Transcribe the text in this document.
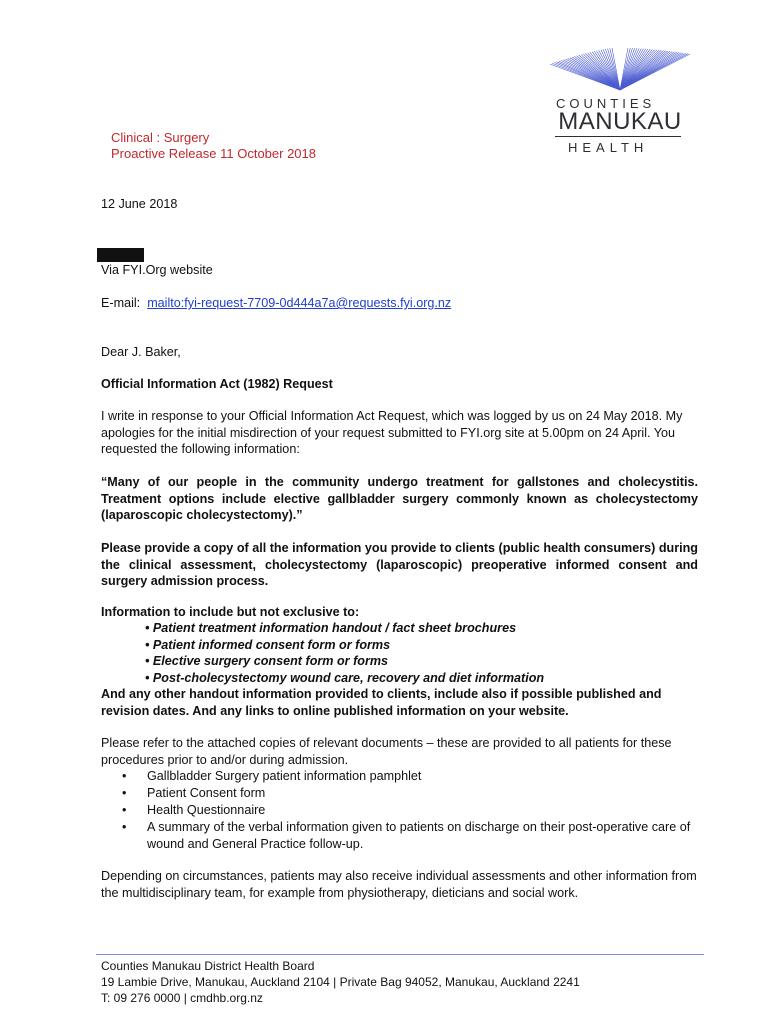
COUNTIES
MANUKAU
HEALTH
Clinical : Surgery
Proactive Release 11 October 2018
12 June 2018
Via FYI.Org website
E-mail: mailto:fyi-request-7709-0d444a7a@requests.fyi.org.nz
Dear J. Baker,
Official Information Act (1982) Request
I write in response to your Official Information Act Request, which was logged by us on 24 May 2018. My apologies for the initial misdirection of your request submitted to FYI.org site at 5.00pm on 24 April. You requested the following information:
“Many of our people in the community undergo treatment for gallstones and cholecystitis. Treatment options include elective gallbladder surgery commonly known as cholecystectomy (laparoscopic cholecystectomy).”
Please provide a copy of all the information you provide to clients (public health consumers) during the clinical assessment, cholecystectomy (laparoscopic) preoperative informed consent and surgery admission process.
Information to include but not exclusive to:
• Patient treatment information handout / fact sheet brochures
• Patient informed consent form or forms
• Elective surgery consent form or forms
• Post-cholecystectomy wound care, recovery and diet information
And any other handout information provided to clients, include also if possible published and revision dates. And any links to online published information on your website.
Please refer to the attached copies of relevant documents – these are provided to all patients for these procedures prior to and/or during admission.
•	Gallbladder Surgery patient information pamphlet
•	Patient Consent form
•	Health Questionnaire
•	A summary of the verbal information given to patients on discharge on their post-operative care of wound and General Practice follow-up.
Depending on circumstances, patients may also receive individual assessments and other information from the multidisciplinary team, for example from physiotherapy, dieticians and social work.
Counties Manukau District Health Board
19 Lambie Drive, Manukau, Auckland 2104 | Private Bag 94052, Manukau, Auckland 2241
T: 09 276 0000 | cmdhb.org.nz
